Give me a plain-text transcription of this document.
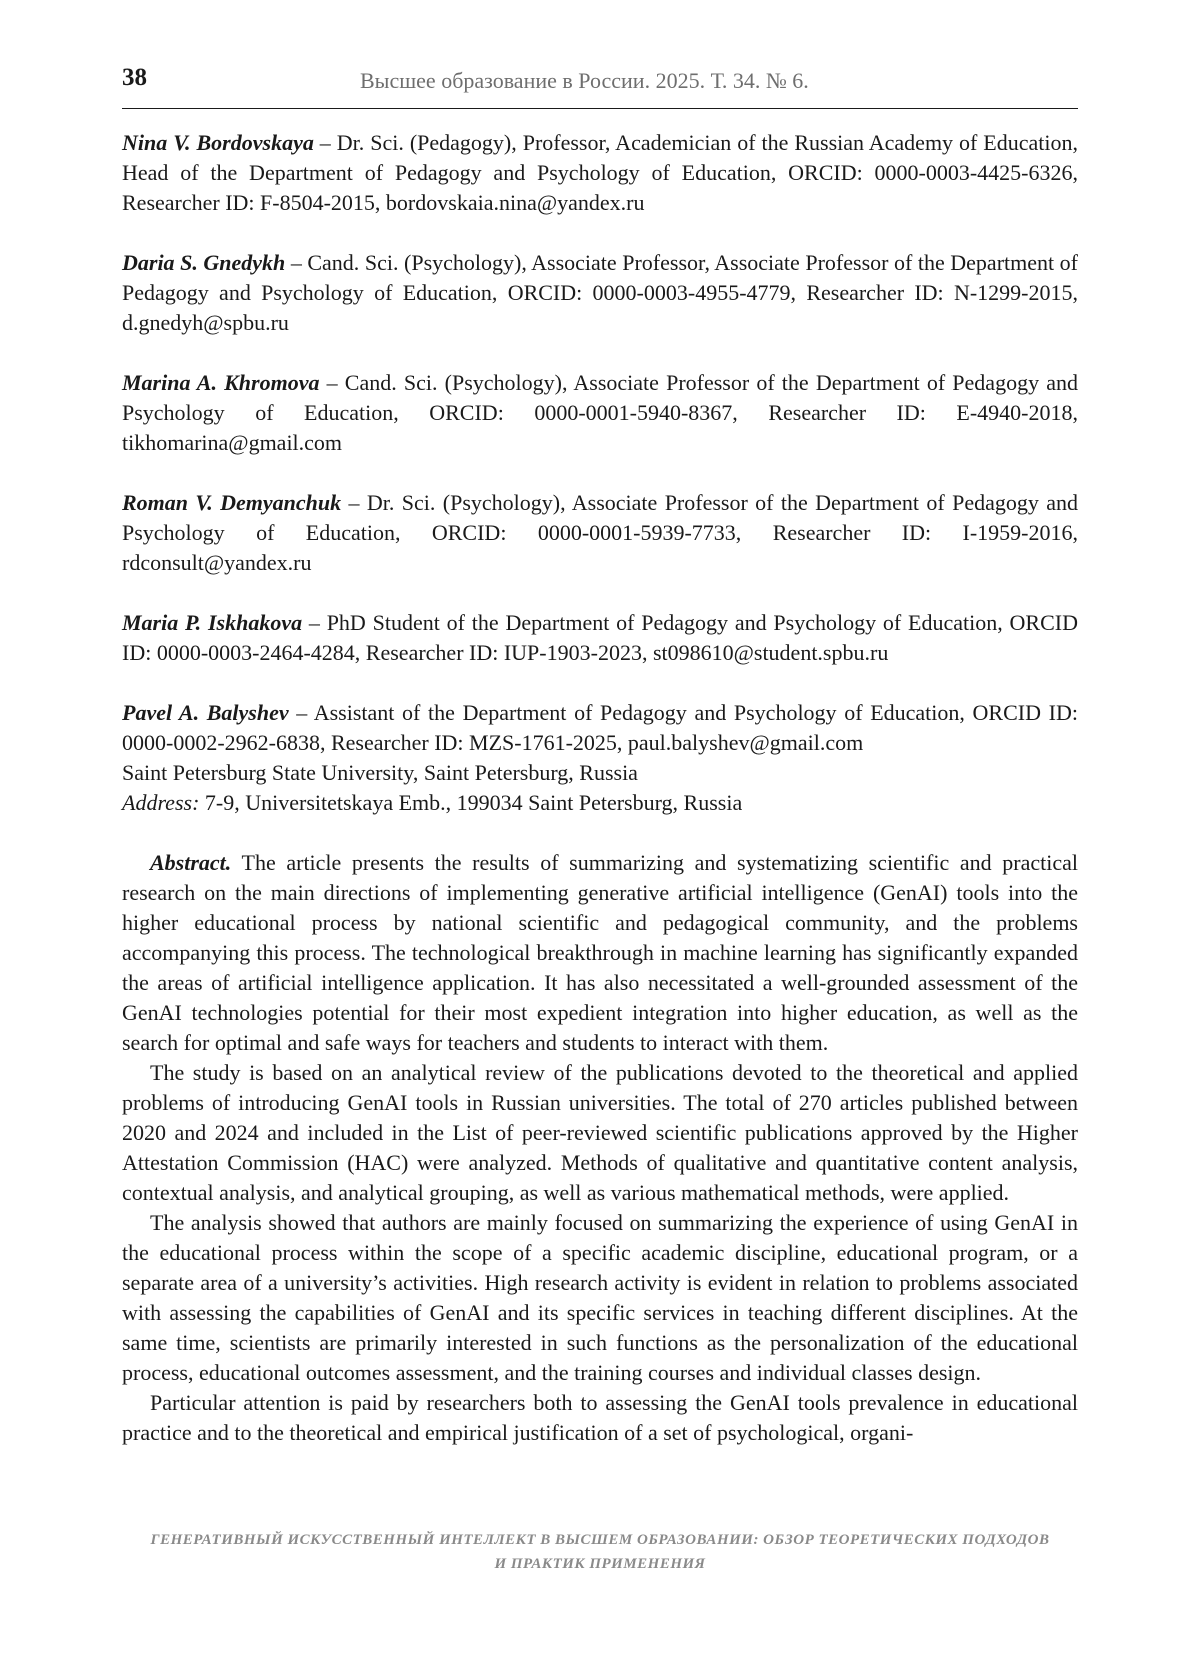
38	Высшее образование в России. 2025. Т. 34. № 6.

Nina V. Bordovskaya – Dr. Sci. (Pedagogy), Professor, Academician of the Russian Academy of Education, Head of the Department of Pedagogy and Psychology of Education, ORCID: 0000-0003-4425-6326, Researcher ID: F-8504-2015, bordovskaia.nina@yandex.ru

Daria S. Gnedykh – Cand. Sci. (Psychology), Associate Professor, Associate Professor of the Department of Pedagogy and Psychology of Education, ORCID: 0000-0003-4955-4779, Researcher ID: N-1299-2015, d.gnedyh@spbu.ru

Marina A. Khromova – Cand. Sci. (Psychology), Associate Professor of the Department of Pedagogy and Psychology of Education, ORCID: 0000-0001-5940-8367, Researcher ID: E-4940-2018, tikhomarina@gmail.com

Roman V. Demyanchuk – Dr. Sci. (Psychology), Associate Professor of the Department of Pedagogy and Psychology of Education, ORCID: 0000-0001-5939-7733, Researcher ID: I-1959-2016, rdconsult@yandex.ru

Maria P. Iskhakova – PhD Student of the Department of Pedagogy and Psychology of Education, ORCID ID: 0000-0003-2464-4284, Researcher ID: IUP-1903-2023, st098610@student.spbu.ru

Pavel A. Balyshev – Assistant of the Department of Pedagogy and Psychology of Education, ORCID ID: 0000-0002-2962-6838, Researcher ID: MZS-1761-2025, paul.balyshev@gmail.com

Saint Petersburg State University, Saint Petersburg, Russia
Address: 7-9, Universitetskaya Emb., 199034 Saint Petersburg, Russia

Abstract. The article presents the results of summarizing and systematizing scientific and practical research on the main directions of implementing generative artificial intelligence (GenAI) tools into the higher educational process by national scientific and pedagogical community, and the problems accompanying this process. The technological breakthrough in machine learning has significantly expanded the areas of artificial intelligence application. It has also necessitated a well-grounded assessment of the GenAI technologies potential for their most expedient integration into higher education, as well as the search for optimal and safe ways for teachers and students to interact with them.

The study is based on an analytical review of the publications devoted to the theoretical and applied problems of introducing GenAI tools in Russian universities. The total of 270 articles published between 2020 and 2024 and included in the List of peer-reviewed scientific publications approved by the Higher Attestation Commission (HAC) were analyzed. Methods of qualitative and quantitative content analysis, contextual analysis, and analytical grouping, as well as various mathematical methods, were applied.

The analysis showed that authors are mainly focused on summarizing the experience of using GenAI in the educational process within the scope of a specific academic discipline, educational program, or a separate area of a university’s activities. High research activity is evident in relation to problems associated with assessing the capabilities of GenAI and its specific services in teaching different disciplines. At the same time, scientists are primarily interested in such functions as the personalization of the educational process, educational outcomes assessment, and the training courses and individual classes design.

Particular attention is paid by researchers both to assessing the GenAI tools prevalence in educational practice and to the theoretical and empirical justification of a set of psychological, organi-

ГЕНЕРАТИВНЫЙ ИСКУССТВЕННЫЙ ИНТЕЛЛЕКТ В ВЫСШЕМ ОБРАЗОВАНИИ: ОБЗОР ТЕОРЕТИЧЕСКИХ ПОДХОДОВ
И ПРАКТИК ПРИМЕНЕНИЯ
